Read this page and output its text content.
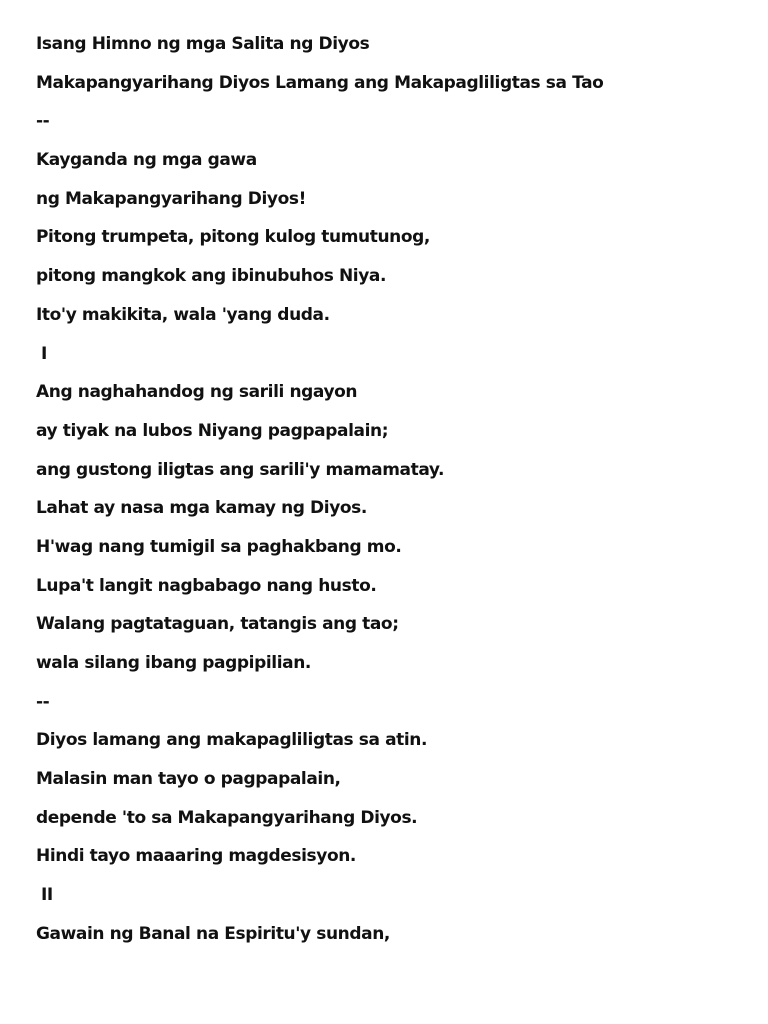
Isang Himno ng mga Salita ng Diyos
Makapangyarihang Diyos Lamang ang Makapagliligtas sa Tao
--
Kayganda ng mga gawa
ng Makapangyarihang Diyos!
Pitong trumpeta, pitong kulog tumutunog,
pitong mangkok ang ibinubuhos Niya.
Ito'y makikita, wala 'yang duda.
I
Ang naghahandog ng sarili ngayon
ay tiyak na lubos Niyang pagpapalain;
ang gustong iligtas ang sarili'y mamamatay.
Lahat ay nasa mga kamay ng Diyos.
H'wag nang tumigil sa paghakbang mo.
Lupa't langit nagbabago nang husto.
Walang pagtataguan, tatangis ang tao;
wala silang ibang pagpipilian.
--
Diyos lamang ang makapagliligtas sa atin.
Malasin man tayo o pagpapalain,
depende 'to sa Makapangyarihang Diyos.
Hindi tayo maaaring magdesisyon.
II
Gawain ng Banal na Espiritu'y sundan,
